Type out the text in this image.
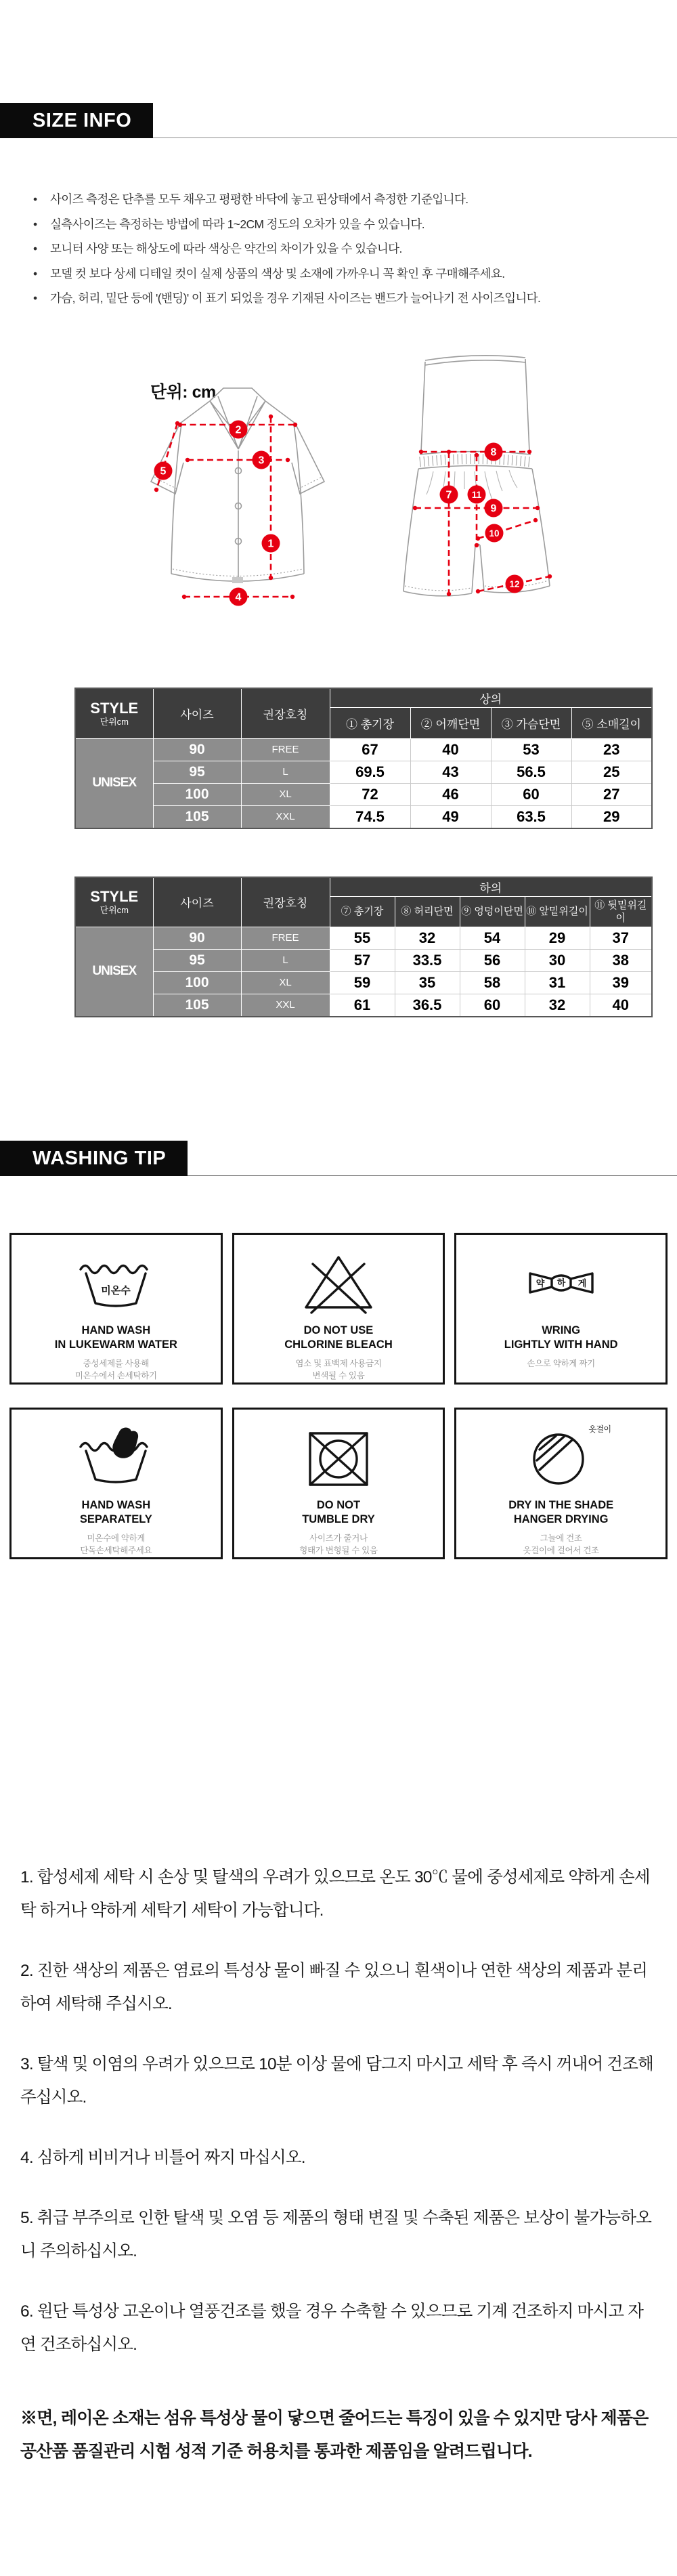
SIZE INFO
• 사이즈 측정은 단추를 모두 채우고 평평한 바닥에 놓고 핀상태에서 측정한 기준입니다.
• 실측사이즈는 측정하는 방법에 따라 1~2CM 정도의 오차가 있을 수 있습니다.
• 모니터 사양 또는 해상도에 따라 색상은 약간의 차이가 있을 수 있습니다.
• 모델 컷 보다 상세 디테일 컷이 실제 상품의 색상 및 소재에 가까우니 꼭 확인 후 구매해주세요.
• 가슴, 허리, 밑단 등에 '(밴딩)' 이 표기 되었을 경우 기재된 사이즈는 밴드가 늘어나기 전 사이즈입니다.
단위: cm
2
3
1
4
5
8
7 11
9
10
12
STYLE
단위cm	사이즈	권장호칭	상의			
			① 총기장	② 어깨단면	③ 가슴단면	⑤ 소매길이
UNISEX	90	FREE	67	40	53	23
	95	L	69.5	43	56.5	25
	100	XL	72	46	60	27
	105	XXL	74.5	49	63.5	29
STYLE
단위cm	사이즈	권장호칭	하의				
			⑦ 총기장	⑧ 허리단면	⑨ 엉덩이단면	⑩ 앞밑위길이	⑪ 뒷밑위길이
UNISEX	90	FREE	55	32	54	29	37
	95	L	57	33.5	56	30	38
	100	XL	59	35	58	31	39
	105	XXL	61	36.5	60	32	40
WASHING TIP
미온수
HAND WASH
IN LUKEWARM WATER
중성세제를 사용해
미온수에서 손세탁하기
DO NOT USE
CHLORINE BLEACH
염소 및 표백제 사용금지
변색될 수 있음
약 하 게
WRING
LIGHTLY WITH HAND
손으로 약하게 짜기
HAND WASH
SEPARATELY
미온수에 약하게
단독손세탁해주세요
DO NOT
TUMBLE DRY
사이즈가 줄거나
형태가 변형될 수 있음
옷걸이
DRY IN THE SHADE
HANGER DRYING
그늘에 건조
옷걸이에 걸어서 건조

1. 합성세제 세탁 시 손상 및 탈색의 우려가 있으므로 온도 30℃ 물에 중성세제로 약하게 손세탁 하거나 약하게 세탁기 세탁이 가능합니다.

2. 진한 색상의 제품은 염료의 특성상 물이 빠질 수 있으니 흰색이나 연한 색상의 제품과 분리하여 세탁해 주십시오.

3. 탈색 및 이염의 우려가 있으므로 10분 이상 물에 담그지 마시고 세탁 후 즉시 꺼내어 건조해 주십시오.

4. 심하게 비비거나 비틀어 짜지 마십시오.

5. 취급 부주의로 인한 탈색 및 오염 등 제품의 형태 변질 및 수축된 제품은 보상이 불가능하오니 주의하십시오.

6. 원단 특성상 고온이나 열풍건조를 했을 경우 수축할 수 있으므로 기계 건조하지 마시고 자연 건조하십시오.

※면, 레이온 소재는 섬유 특성상 물이 닿으면 줄어드는 특징이 있을 수 있지만 당사 제품은 공산품 품질관리 시험 성적 기준 허용치를 통과한 제품임을 알려드립니다.
